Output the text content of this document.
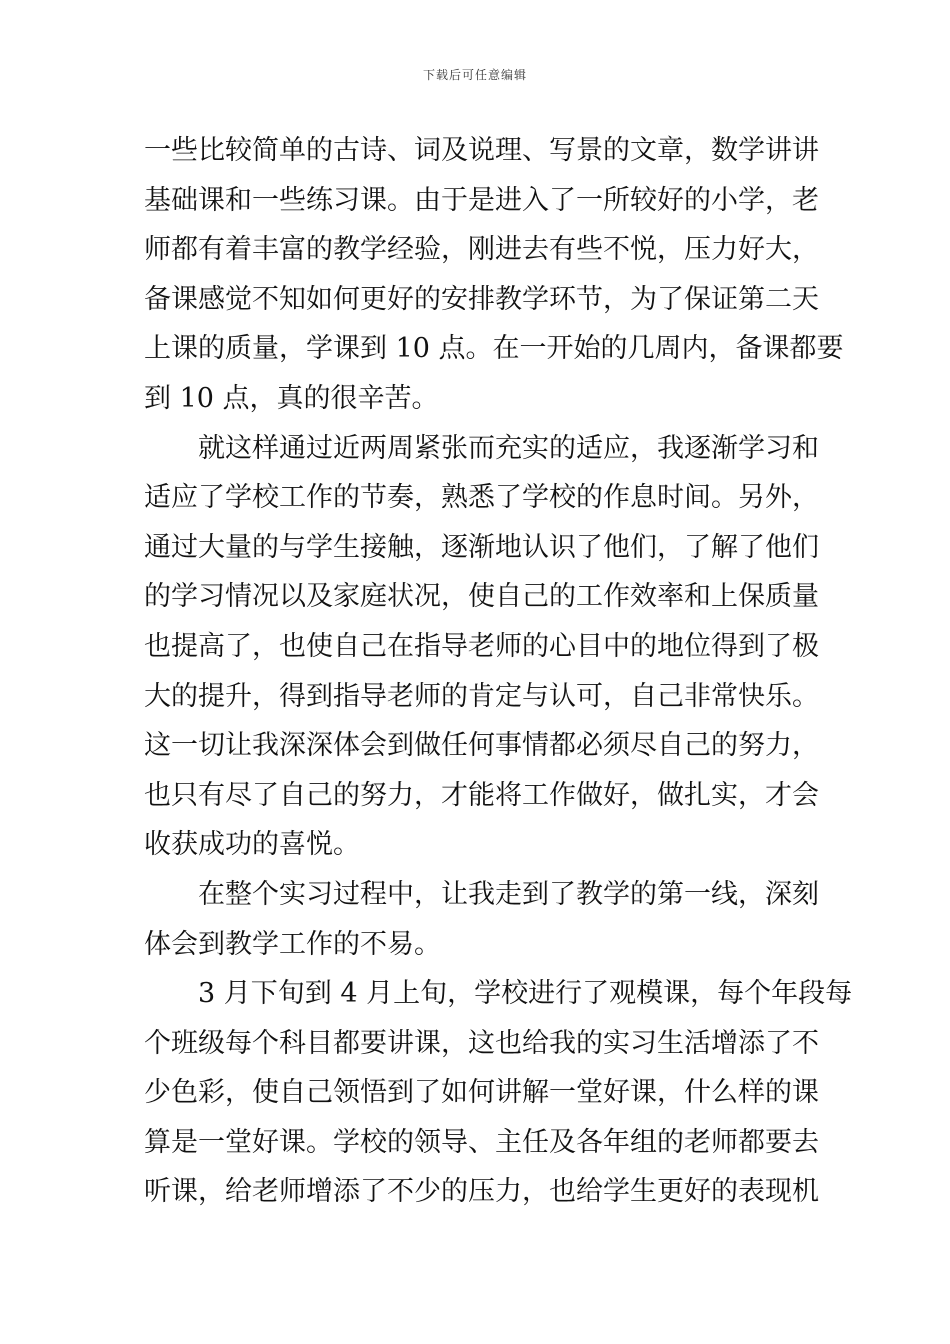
下载后可任意编辑
一些比较简单的古诗、词及说理、写景的文章，数学讲讲
基础课和一些练习课。由于是进入了一所较好的小学，老
师都有着丰富的教学经验，刚进去有些不悦，压力好大，
备课感觉不知如何更好的安排教学环节，为了保证第二天
上课的质量，学课到 10 点。在一开始的几周内，备课都要
到 10 点，真的很辛苦。
就这样通过近两周紧张而充实的适应，我逐渐学习和
适应了学校工作的节奏，熟悉了学校的作息时间。另外，
通过大量的与学生接触，逐渐地认识了他们，了解了他们
的学习情况以及家庭状况，使自己的工作效率和上保质量
也提高了，也使自己在指导老师的心目中的地位得到了极
大的提升，得到指导老师的肯定与认可，自己非常快乐。
这一切让我深深体会到做任何事情都必须尽自己的努力，
也只有尽了自己的努力，才能将工作做好，做扎实，才会
收获成功的喜悦。
在整个实习过程中，让我走到了教学的第一线，深刻
体会到教学工作的不易。
3 月下旬到 4 月上旬，学校进行了观模课，每个年段每
个班级每个科目都要讲课，这也给我的实习生活增添了不
少色彩，使自己领悟到了如何讲解一堂好课，什么样的课
算是一堂好课。学校的领导、主任及各年组的老师都要去
听课，给老师增添了不少的压力，也给学生更好的表现机
